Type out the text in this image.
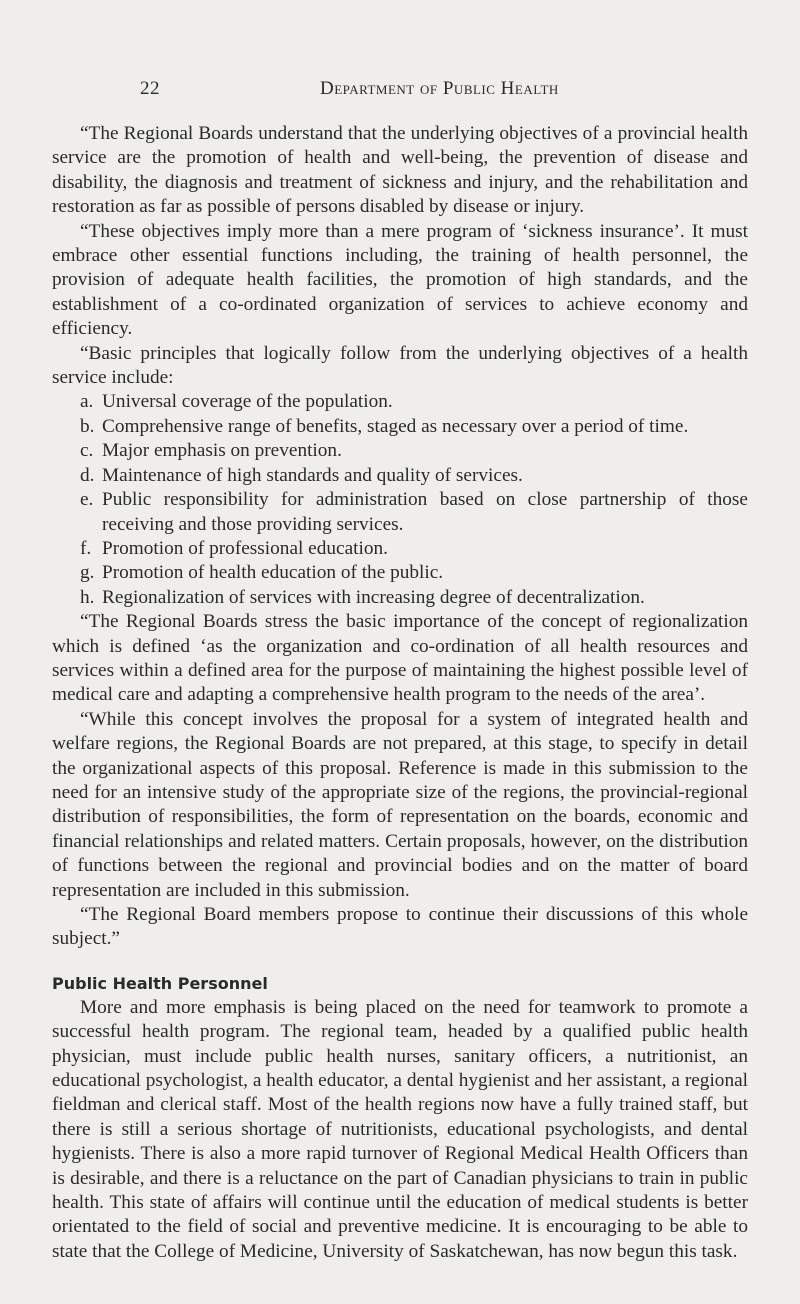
22	Department of Public Health

“The Regional Boards understand that the underlying objectives of a provincial health service are the promotion of health and well-being, the prevention of disease and disability, the diagnosis and treatment of sickness and injury, and the rehabilitation and restoration as far as possible of persons disabled by disease or injury.

“These objectives imply more than a mere program of ‘sickness insurance’. It must embrace other essential functions including, the training of health personnel, the provision of adequate health facilities, the promotion of high standards, and the establishment of a co-ordinated organization of services to achieve economy and efficiency.

“Basic principles that logically follow from the underlying objectives of a health service include:

a. Universal coverage of the population.
b. Comprehensive range of benefits, staged as necessary over a period of time.
c. Major emphasis on prevention.
d. Maintenance of high standards and quality of services.
e. Public responsibility for administration based on close partnership of those receiving and those providing services.
f. Promotion of professional education.
g. Promotion of health education of the public.
h. Regionalization of services with increasing degree of decentralization.

“The Regional Boards stress the basic importance of the concept of regionalization which is defined ‘as the organization and co-ordination of all health resources and services within a defined area for the purpose of maintaining the highest possible level of medical care and adapting a comprehensive health program to the needs of the area’.

“While this concept involves the proposal for a system of integrated health and welfare regions, the Regional Boards are not prepared, at this stage, to specify in detail the organizational aspects of this proposal. Reference is made in this submission to the need for an intensive study of the appropriate size of the regions, the provincial-regional distribution of responsibilities, the form of representation on the boards, economic and financial relationships and related matters. Certain proposals, however, on the distribution of functions between the regional and provincial bodies and on the matter of board representation are included in this submission.

“The Regional Board members propose to continue their discussions of this whole subject.”

Public Health Personnel

More and more emphasis is being placed on the need for teamwork to promote a successful health program. The regional team, headed by a qualified public health physician, must include public health nurses, sanitary officers, a nutritionist, an educational psychologist, a health educator, a dental hygienist and her assistant, a regional fieldman and clerical staff. Most of the health regions now have a fully trained staff, but there is still a serious shortage of nutritionists, educational psychologists, and dental hygienists. There is also a more rapid turnover of Regional Medical Health Officers than is desirable, and there is a reluctance on the part of Canadian physicians to train in public health. This state of affairs will continue until the education of medical students is better orientated to the field of social and preventive medicine. It is encouraging to be able to state that the College of Medicine, University of Saskatchewan, has now begun this task.
